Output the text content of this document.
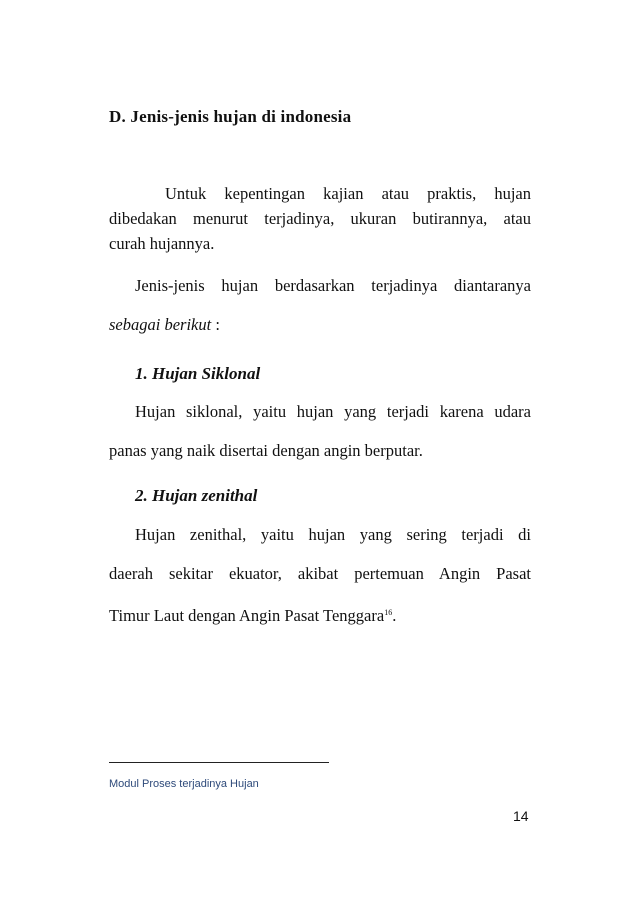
D. Jenis-jenis hujan di indonesia
Untuk kepentingan kajian atau praktis, hujan
dibedakan menurut terjadinya, ukuran butirannya, atau
curah hujannya.
Jenis-jenis hujan berdasarkan terjadinya diantaranya
sebagai berikut :
1. Hujan Siklonal
Hujan siklonal, yaitu hujan yang terjadi karena udara
panas yang naik disertai dengan angin berputar.
2. Hujan zenithal
Hujan zenithal, yaitu hujan yang sering terjadi di
daerah sekitar ekuator, akibat pertemuan Angin Pasat
Timur Laut dengan Angin Pasat Tenggara$^{16}$.
Modul Proses terjadinya Hujan
14
